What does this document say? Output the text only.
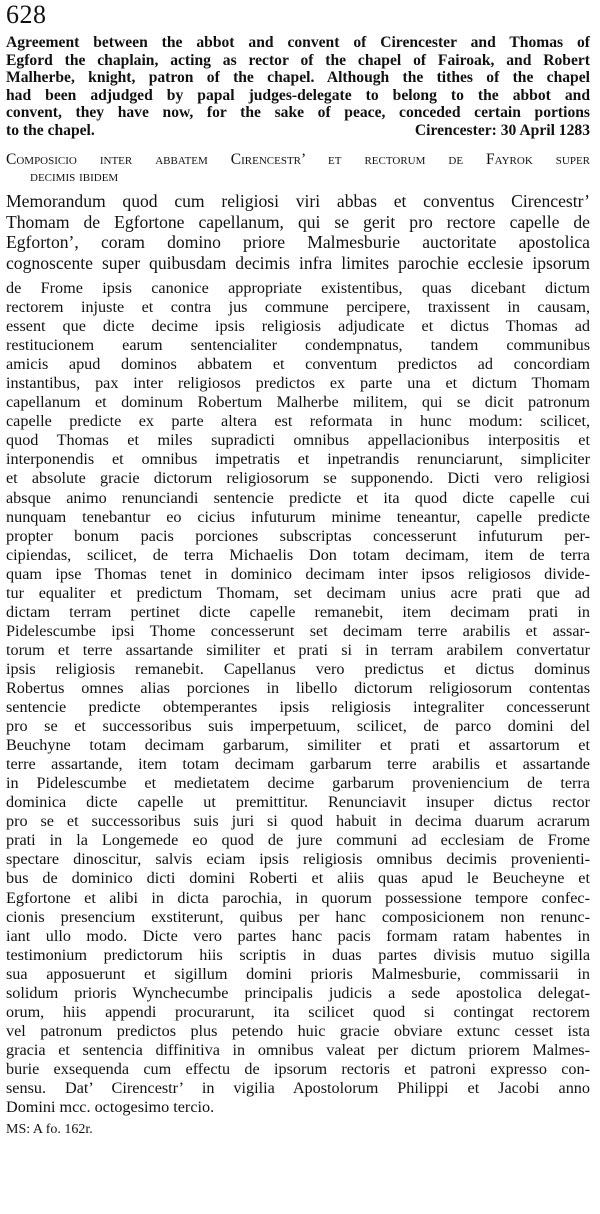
628
Agreement between the abbot and convent of Cirencester and Thomas of
Egford the chaplain, acting as rector of the chapel of Fairoak, and Robert
Malherbe, knight, patron of the chapel. Although the tithes of the chapel
had been adjudged by papal judges-delegate to belong to the abbot and
convent, they have now, for the sake of peace, conceded certain portions
to the chapel.	Cirencester: 30 April 1283
Composicio inter abbatem Cirencestr’ et rectorum de Fayrok super
decimis ibidem
Memorandum quod cum religiosi viri abbas et conventus Cirencestr’
Thomam de Egfortone capellanum, qui se gerit pro rectore capelle de
Egforton’, coram domino priore Malmesburie auctoritate apostolica
cognoscente super quibusdam decimis infra limites parochie ecclesie ipsorum
de Frome ipsis canonice appropriate existentibus, quas dicebant dictum
rectorem injuste et contra jus commune percipere, traxissent in causam,
essent que dicte decime ipsis religiosis adjudicate et dictus Thomas ad
restitucionem earum sentencialiter condempnatus, tandem communibus
amicis apud dominos abbatem et conventum predictos ad concordiam
instantibus, pax inter religiosos predictos ex parte una et dictum Thomam
capellanum et dominum Robertum Malherbe militem, qui se dicit patronum
capelle predicte ex parte altera est reformata in hunc modum: scilicet,
quod Thomas et miles supradicti omnibus appellacionibus interpositis et
interponendis et omnibus impetratis et inpetrandis renunciarunt, simpliciter
et absolute gracie dictorum religiosorum se supponendo. Dicti vero religiosi
absque animo renunciandi sentencie predicte et ita quod dicte capelle cui
nunquam tenebantur eo cicius infuturum minime teneantur, capelle predicte
propter bonum pacis porciones subscriptas concesserunt infuturum per-
cipiendas, scilicet, de terra Michaelis Don totam decimam, item de terra
quam ipse Thomas tenet in dominico decimam inter ipsos religiosos divide-
tur equaliter et predictum Thomam, set decimam unius acre prati que ad
dictam terram pertinet dicte capelle remanebit, item decimam prati in
Pidelescumbe ipsi Thome concesserunt set decimam terre arabilis et assar-
torum et terre assartande similiter et prati si in terram arabilem convertatur
ipsis religiosis remanebit. Capellanus vero predictus et dictus dominus
Robertus omnes alias porciones in libello dictorum religiosorum contentas
sentencie predicte obtemperantes ipsis religiosis integraliter concesserunt
pro se et successoribus suis imperpetuum, scilicet, de parco domini del
Beuchyne totam decimam garbarum, similiter et prati et assartorum et
terre assartande, item totam decimam garbarum terre arabilis et assartande
in Pidelescumbe et medietatem decime garbarum proveniencium de terra
dominica dicte capelle ut premittitur. Renunciavit insuper dictus rector
pro se et successoribus suis juri si quod habuit in decima duarum acrarum
prati in la Longemede eo quod de jure communi ad ecclesiam de Frome
spectare dinoscitur, salvis eciam ipsis religiosis omnibus decimis provenienti-
bus de dominico dicti domini Roberti et aliis quas apud le Beucheyne et
Egfortone et alibi in dicta parochia, in quorum possessione tempore confec-
cionis presencium exstiterunt, quibus per hanc composicionem non renunc-
iant ullo modo. Dicte vero partes hanc pacis formam ratam habentes in
testimonium predictorum hiis scriptis in duas partes divisis mutuo sigilla
sua apposuerunt et sigillum domini prioris Malmesburie, commissarii in
solidum prioris Wynchecumbe principalis judicis a sede apostolica delegat-
orum, hiis appendi procurarunt, ita scilicet quod si contingat rectorem
vel patronum predictos plus petendo huic gracie obviare extunc cesset ista
gracia et sentencia diffinitiva in omnibus valeat per dictum priorem Malmes-
burie exsequenda cum effectu de ipsorum rectoris et patroni expresso con-
sensu. Dat’ Cirencestr’ in vigilia Apostolorum Philippi et Jacobi anno
Domini mcc. octogesimo tercio.
MS: A fo. 162r.
